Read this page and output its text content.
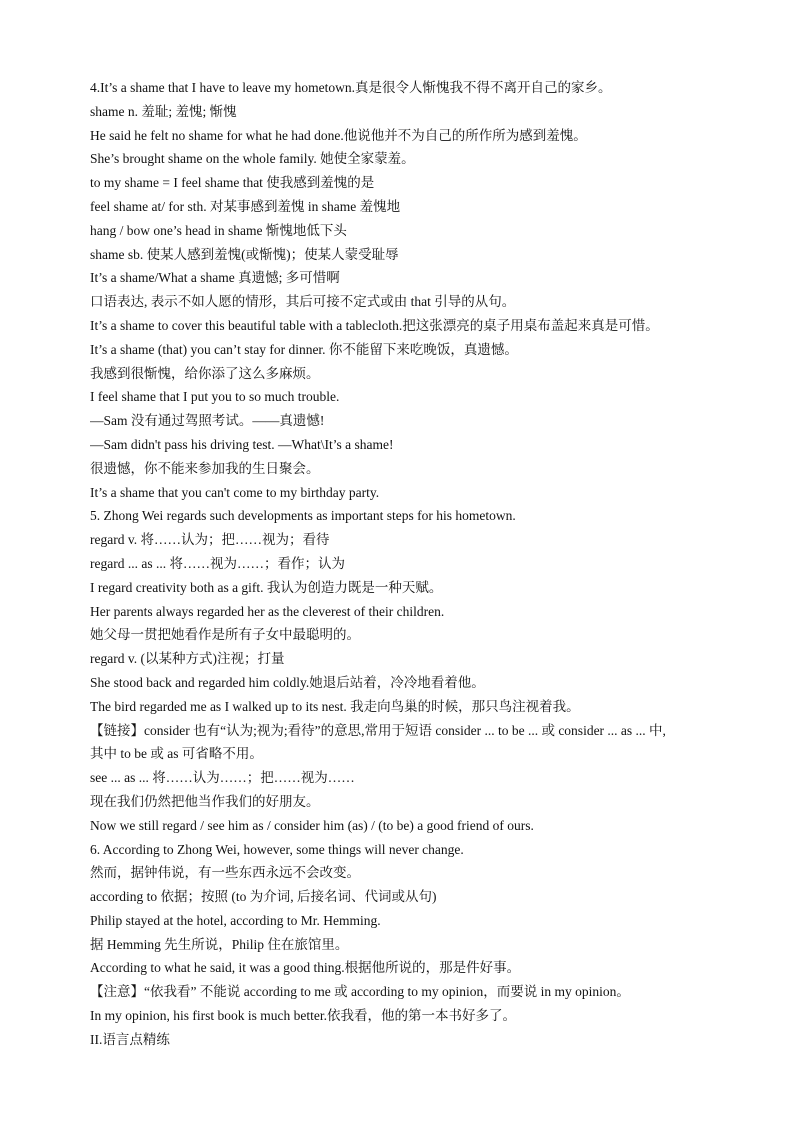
4.It’s a shame that I have to leave my hometown.真是很令人惭愧我不得不离开自己的家乡。
shame n. 羞耻; 羞愧; 惭愧
He said he felt no shame for what he had done.他说他并不为自己的所作所为感到羞愧。
She’s brought shame on the whole family. 她使全家蒙羞。
to my shame = I feel shame that 使我感到羞愧的是
feel shame at/ for sth. 对某事感到羞愧 in shame 羞愧地
hang / bow one’s head in shame 惭愧地低下头
shame sb. 使某人感到羞愧(或惭愧)；使某人蒙受耻辱
It’s a shame/What a shame 真遗憾; 多可惜啊
口语表达, 表示不如人愿的情形，其后可接不定式或由 that 引导的从句。
It’s a shame to cover this beautiful table with a tablecloth.把这张漂亮的桌子用桌布盖起来真是可惜。
It’s a shame (that) you can’t stay for dinner. 你不能留下来吃晚饭，真遗憾。
我感到很惭愧，给你添了这么多麻烦。
I feel shame that I put you to so much trouble.
—Sam 没有通过驾照考试。——真遗憾!
—Sam didn't pass his driving test. —What\It’s a shame!
很遗憾，你不能来参加我的生日聚会。
It’s a shame that you can't come to my birthday party.
5. Zhong Wei regards such developments as important steps for his hometown.
regard v. 将……认为；把……视为；看待
regard ... as ... 将……视为……；看作；认为
I regard creativity both as a gift. 我认为创造力既是一种天赋。
Her parents always regarded her as the cleverest of their children.
她父母一贯把她看作是所有子女中最聪明的。
regard v. (以某种方式)注视；打量
She stood back and regarded him coldly.她退后站着，冷冷地看着他。
The bird regarded me as I walked up to its nest. 我走向鸟巢的时候，那只鸟注视着我。
【链接】consider 也有“认为;视为;看待”的意思,常用于短语 consider ... to be ... 或 consider ... as ... 中,
其中 to be 或 as 可省略不用。
see ... as ... 将……认为……；把……视为……
现在我们仍然把他当作我们的好朋友。
Now we still regard / see him as / consider him (as) / (to be) a good friend of ours.
6. According to Zhong Wei, however, some things will never change.
然而，据钟伟说，有一些东西永远不会改变。
according to 依据；按照 (to 为介词, 后接名词、代词或从句)
Philip stayed at the hotel, according to Mr. Hemming.
据 Hemming 先生所说，Philip 住在旅馆里。
According to what he said, it was a good thing.根据他所说的，那是件好事。
【注意】“依我看” 不能说 according to me 或 according to my opinion，而要说 in my opinion。
In my opinion, his first book is much better.依我看，他的第一本书好多了。
II.语言点精练
